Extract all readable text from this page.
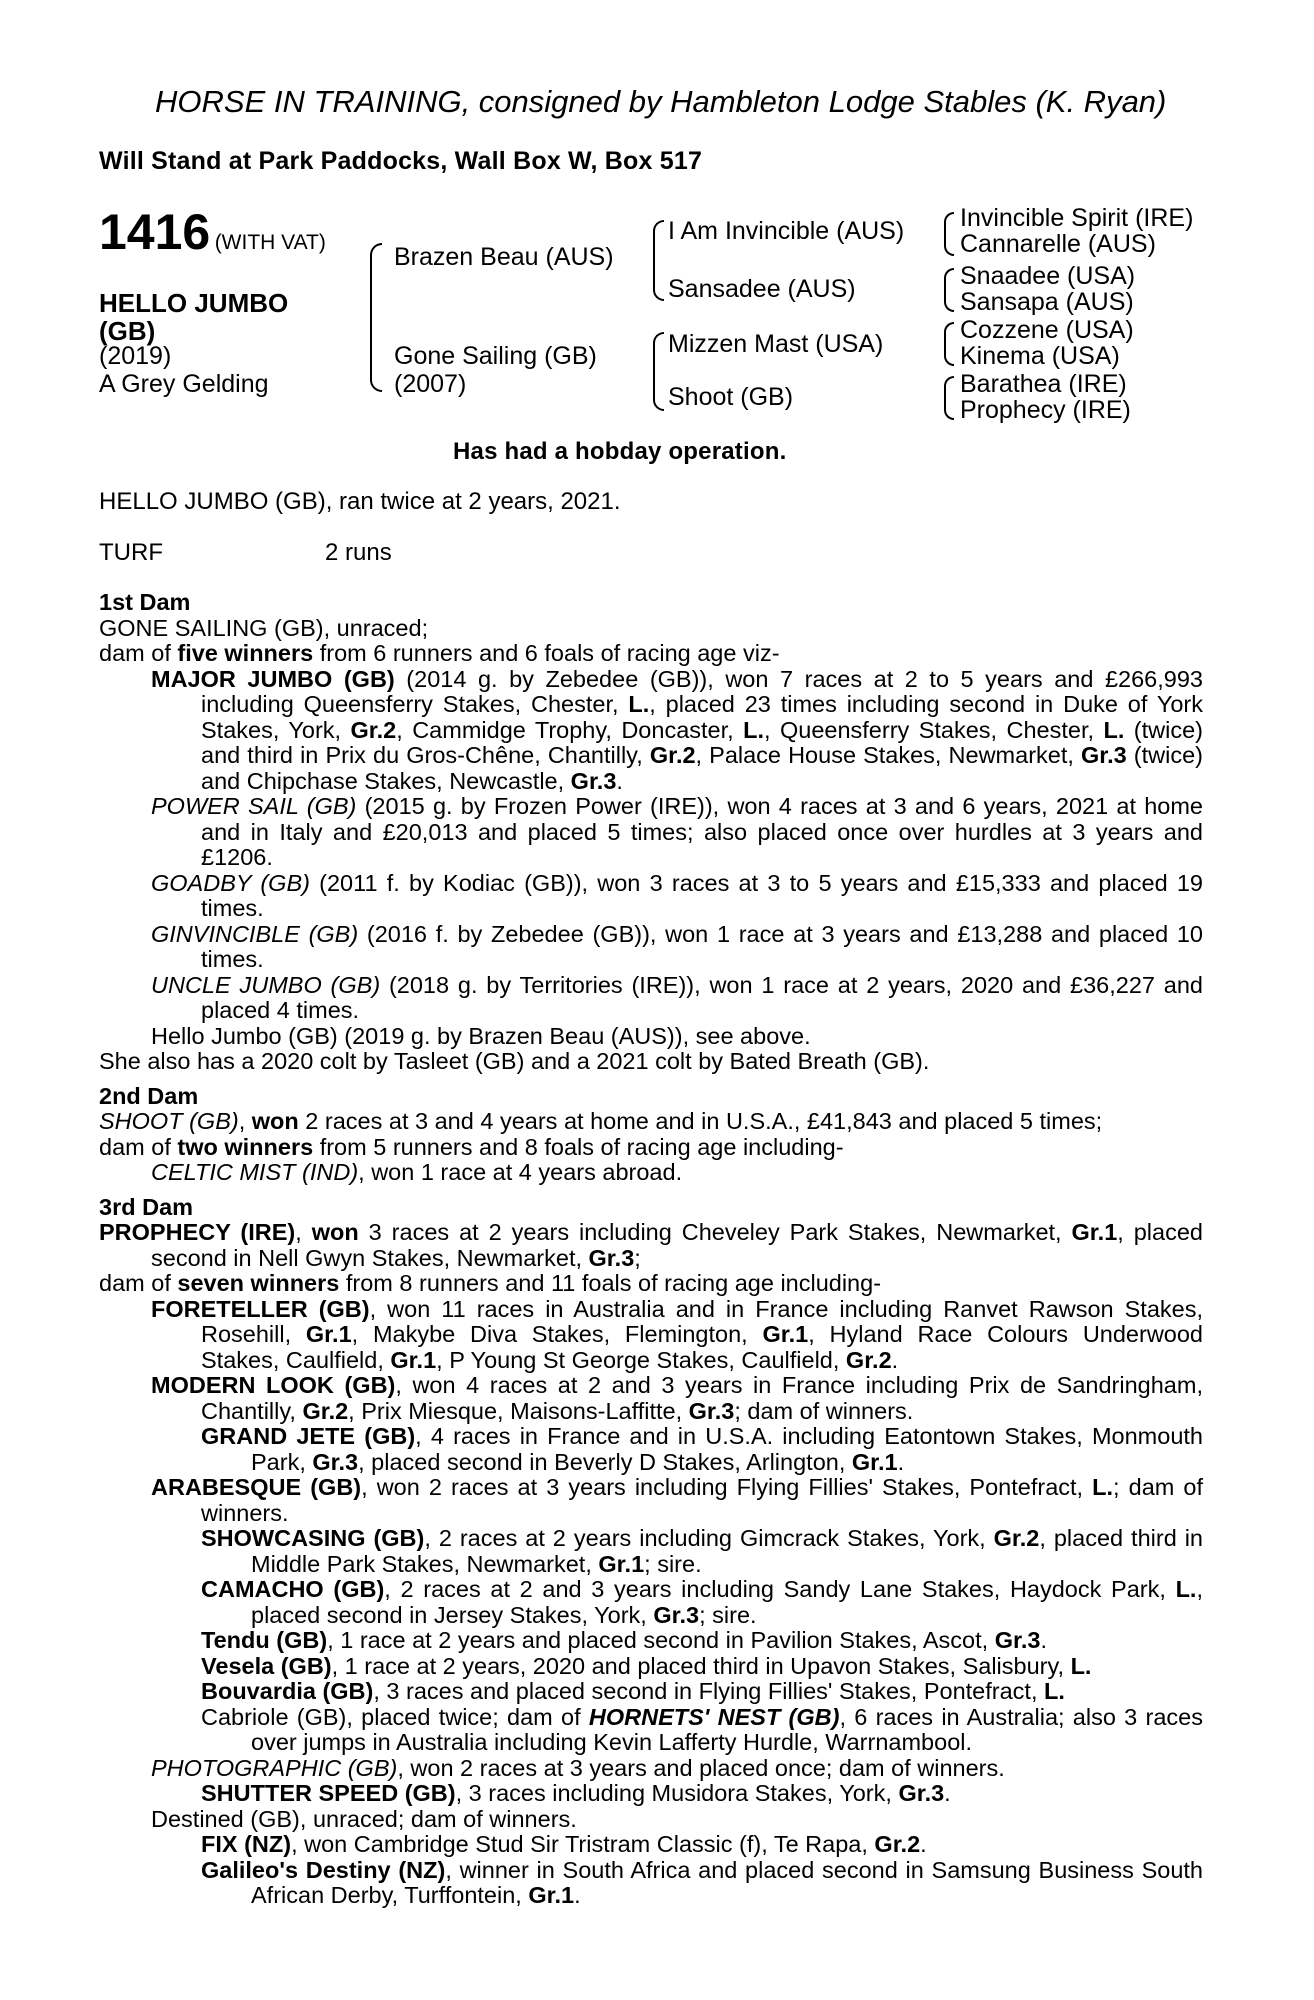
HORSE IN TRAINING, consigned by Hambleton Lodge Stables (K. Ryan)
Will Stand at Park Paddocks, Wall Box W, Box 517
1416 (WITH VAT)
HELLO JUMBO
(GB)
(2019)
A Grey Gelding
Brazen Beau (AUS)
Gone Sailing (GB)
(2007)
I Am Invincible (AUS)
Sansadee (AUS)
Mizzen Mast (USA)
Shoot (GB)
Invincible Spirit (IRE)
Cannarelle (AUS)
Snaadee (USA)
Sansapa (AUS)
Cozzene (USA)
Kinema (USA)
Barathea (IRE)
Prophecy (IRE)
Has had a hobday operation.
HELLO JUMBO (GB), ran twice at 2 years, 2021.
TURF	2 runs
1st Dam
GONE SAILING (GB), unraced;
dam of five winners from 6 runners and 6 foals of racing age viz-
MAJOR JUMBO (GB) (2014 g. by Zebedee (GB)), won 7 races at 2 to 5 years and £266,993 including Queensferry Stakes, Chester, L., placed 23 times including second in Duke of York Stakes, York, Gr.2, Cammidge Trophy, Doncaster, L., Queensferry Stakes, Chester, L. (twice) and third in Prix du Gros-Chêne, Chantilly, Gr.2, Palace House Stakes, Newmarket, Gr.3 (twice) and Chipchase Stakes, Newcastle, Gr.3.
POWER SAIL (GB) (2015 g. by Frozen Power (IRE)), won 4 races at 3 and 6 years, 2021 at home and in Italy and £20,013 and placed 5 times; also placed once over hurdles at 3 years and £1206.
GOADBY (GB) (2011 f. by Kodiac (GB)), won 3 races at 3 to 5 years and £15,333 and placed 19 times.
GINVINCIBLE (GB) (2016 f. by Zebedee (GB)), won 1 race at 3 years and £13,288 and placed 10 times.
UNCLE JUMBO (GB) (2018 g. by Territories (IRE)), won 1 race at 2 years, 2020 and £36,227 and placed 4 times.
Hello Jumbo (GB) (2019 g. by Brazen Beau (AUS)), see above.
She also has a 2020 colt by Tasleet (GB) and a 2021 colt by Bated Breath (GB).
2nd Dam
SHOOT (GB), won 2 races at 3 and 4 years at home and in U.S.A., £41,843 and placed 5 times;
dam of two winners from 5 runners and 8 foals of racing age including-
CELTIC MIST (IND), won 1 race at 4 years abroad.
3rd Dam
PROPHECY (IRE), won 3 races at 2 years including Cheveley Park Stakes, Newmarket, Gr.1, placed second in Nell Gwyn Stakes, Newmarket, Gr.3;
dam of seven winners from 8 runners and 11 foals of racing age including-
FORETELLER (GB), won 11 races in Australia and in France including Ranvet Rawson Stakes, Rosehill, Gr.1, Makybe Diva Stakes, Flemington, Gr.1, Hyland Race Colours Underwood Stakes, Caulfield, Gr.1, P Young St George Stakes, Caulfield, Gr.2.
MODERN LOOK (GB), won 4 races at 2 and 3 years in France including Prix de Sandringham, Chantilly, Gr.2, Prix Miesque, Maisons-Laffitte, Gr.3; dam of winners.
GRAND JETE (GB), 4 races in France and in U.S.A. including Eatontown Stakes, Monmouth Park, Gr.3, placed second in Beverly D Stakes, Arlington, Gr.1.
ARABESQUE (GB), won 2 races at 3 years including Flying Fillies' Stakes, Pontefract, L.; dam of winners.
SHOWCASING (GB), 2 races at 2 years including Gimcrack Stakes, York, Gr.2, placed third in Middle Park Stakes, Newmarket, Gr.1; sire.
CAMACHO (GB), 2 races at 2 and 3 years including Sandy Lane Stakes, Haydock Park, L., placed second in Jersey Stakes, York, Gr.3; sire.
Tendu (GB), 1 race at 2 years and placed second in Pavilion Stakes, Ascot, Gr.3.
Vesela (GB), 1 race at 2 years, 2020 and placed third in Upavon Stakes, Salisbury, L.
Bouvardia (GB), 3 races and placed second in Flying Fillies' Stakes, Pontefract, L.
Cabriole (GB), placed twice; dam of HORNETS' NEST (GB), 6 races in Australia; also 3 races over jumps in Australia including Kevin Lafferty Hurdle, Warrnambool.
PHOTOGRAPHIC (GB), won 2 races at 3 years and placed once; dam of winners.
SHUTTER SPEED (GB), 3 races including Musidora Stakes, York, Gr.3.
Destined (GB), unraced; dam of winners.
FIX (NZ), won Cambridge Stud Sir Tristram Classic (f), Te Rapa, Gr.2.
Galileo's Destiny (NZ), winner in South Africa and placed second in Samsung Business South African Derby, Turffontein, Gr.1.
